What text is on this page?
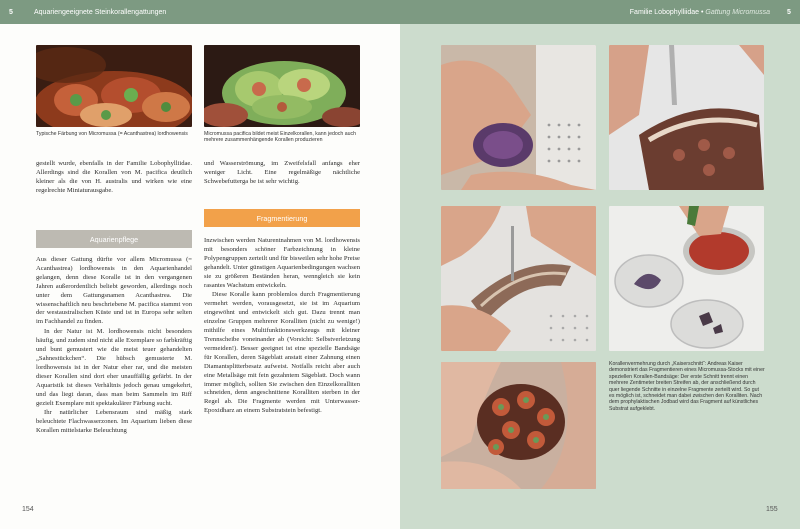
5	Aquariengeeignete Steinkorallengattungen
Typische Färbung von Micromussa (= Acanthastrea) lordhowensis	Micromussa pacifica bildet meist Einzelkorallen, kann jedoch auch mehrere zusammenhängende Korallen produzieren

gestellt wurde, ebenfalls in der Familie Lobophylliidae. Allerdings sind die Korallen von M. pacifica deutlich kleiner als die von H. australis und wirken wie eine regelrechte Miniaturausgabe.

Aquarienpflege

Aus dieser Gattung dürfte vor allem Micromussa (= Acanthastrea) lordhowensis in den Aquarienhandel gelangen, denn diese Koralle ist in den vergangenen Jahren außerordentlich beliebt geworden, allerdings noch unter dem Gattungsnamen Acanthastrea. Die wissenschaftlich neu beschriebene M. pacifica stammt von der westaustralischen Küste und ist in Europa sehr selten im Fachhandel zu finden.

In der Natur ist M. lordhowensis nicht besonders häufig, und zudem sind nicht alle Exemplare so farbkräftig und bunt gemustert wie die meist teuer gehandelten „Sahnestückchen“. Die hübsch gemusterte M. lordhowensis ist in der Natur eher rar, und die meisten dieser Korallen sind dort eher unauffällig gefärbt. In der Aquaristik ist dieses Verhältnis jedoch genau umgekehrt, und das liegt daran, dass man beim Sammeln im Riff gezielt Exemplare mit spektakulärer Färbung sucht.

Ihr natürlicher Lebensraum sind mäßig stark beleuchtete Flachwasserzonen. Im Aquarium lieben diese Korallen mittelstarke Beleuchtung

und Wasserströmung, im Zweifelsfall anfangs eher weniger Licht. Eine regelmäßige nächtliche Schwebefutterga be ist sehr wichtig.

Fragmentierung

Inzwischen werden Naturentnahmen von M. lordhowensis mit besonders schöner Farbzeichnung in kleine Polypengruppen zerteilt und für bisweilen sehr hohe Preise gehandelt. Unter günstigen Aquarienbedingungen wachsen sie zu größeren Beständen heran, wenngleich sie kein rasantes Wachstum entwickeln.

Diese Koralle kann problemlos durch Fragmentierung vermehrt werden, vorausgesetzt, sie ist im Aquarium eingewöhnt und entwickelt sich gut. Dazu trennt man einzelne Gruppen mehrerer Koralliten (nicht zu wenige!) mithilfe eines Multifunktionswerkzeugs mit kleiner Trennscheibe voneinander ab (Vorsicht: Selbstverletzung vermeiden!). Besser geeignet ist eine spezielle Bandsäge für Korallen, deren Sägeblatt anstatt einer Zahnung einen Diamantsplitterbesatz aufweist. Notfalls reicht aber auch eine Metallsäge mit fein gezahntem Sägeblatt. Doch wann immer möglich, sollten Sie zwischen den Einzelkoralliten schneiden, denn angeschnittene Koralliten sterben in der Regel ab. Die Fragmente werden mit Unterwasser-Epoxidharz an einem Substratstein befestigt.

154
Familie Lobophylliidae • Gattung Micromussa	5
Korallenvermehrung durch „Kaiserschnitt“: Andreas Kaiser demonstriert das Fragmentieren eines Micromussa-Stocks mit einer speziellen Korallen-Bandsäge: Der erste Schnitt trennt einen mehrere Zentimeter breiten Streifen ab, der anschließend durch quer liegende Schnitte in einzelne Fragmente zerteilt wird. So gut es möglich ist, schneidet man dabei zwischen den Koralliten. Nach dem prophylaktischen Jodbad wird das Fragment auf künstliches Substrat aufgeklebt.
155
